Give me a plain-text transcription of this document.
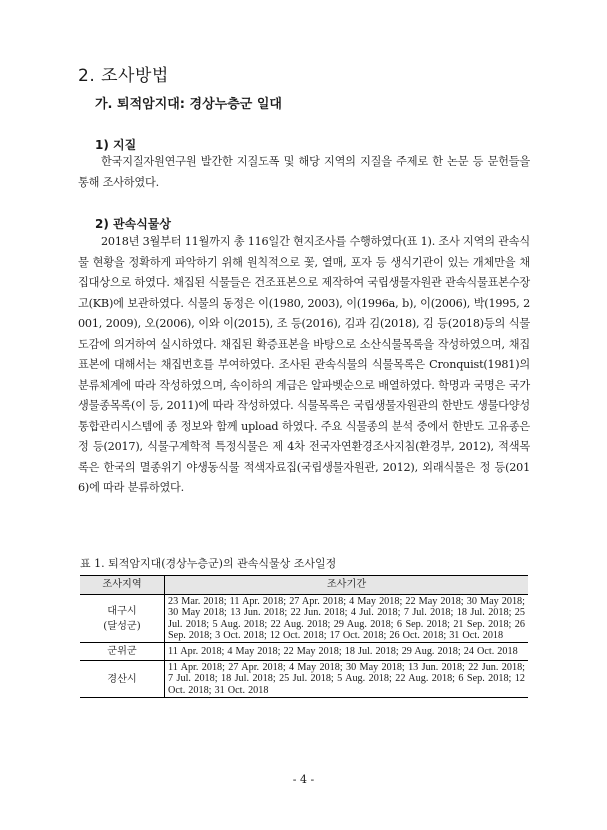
2. 조사방법
가. 퇴적암지대: 경상누층군 일대
1) 지질
한국지질자원연구원 발간한 지질도폭 및 해당 지역의 지질을 주제로 한 논문 등 문헌들을 통해 조사하였다.
2) 관속식물상
2018년 3월부터 11월까지 총 116일간 현지조사를 수행하였다(표 1). 조사 지역의 관속식물 현황을 정확하게 파악하기 위해 원칙적으로 꽃, 열매, 포자 등 생식기관이 있는 개체만을 채집대상으로 하였다. 채집된 식물들은 건조표본으로 제작하여 국립생물자원관 관속식물표본수장고(KB)에 보관하였다. 식물의 동정은 이(1980, 2003), 이(1996a, b), 이(2006), 박(1995, 2001, 2009), 오(2006), 이와 이(2015), 조 등(2016), 김과 김(2018), 김 등(2018)등의 식물도감에 의거하여 실시하였다. 채집된 확증표본을 바탕으로 소산식물목록을 작성하였으며, 채집표본에 대해서는 채집번호를 부여하였다. 조사된 관속식물의 식물목록은 Cronquist(1981)의 분류체계에 따라 작성하였으며, 속이하의 계급은 알파벳순으로 배열하였다. 학명과 국명은 국가생물종목록(이 등, 2011)에 따라 작성하였다. 식물목록은 국립생물자원관의 한반도 생물다양성 통합관리시스템에 종 정보와 함께 upload 하였다. 주요 식물종의 분석 중에서 한반도 고유종은 정 등(2017), 식물구계학적 특정식물은 제 4차 전국자연환경조사지침(환경부, 2012), 적색목록은 한국의 멸종위기 야생동식물 적색자료집(국립생물자원관, 2012), 외래식물은 정 등(2016)에 따라 분류하였다.
표 1. 퇴적암지대(경상누층군)의 관속식물상 조사일정
조사지역	조사기간
대구시
(달성군)	23 Mar. 2018; 11 Apr. 2018; 27 Apr. 2018; 4 May 2018; 22 May 2018; 30 May 2018; 30 May 2018; 13 Jun. 2018; 22 Jun. 2018; 4 Jul. 2018; 7 Jul. 2018; 18 Jul. 2018; 25 Jul. 2018; 5 Aug. 2018; 22 Aug. 2018; 29 Aug. 2018; 6 Sep. 2018; 21 Sep. 2018; 26 Sep. 2018; 3 Oct. 2018; 12 Oct. 2018; 17 Oct. 2018; 26 Oct. 2018; 31 Oct. 2018
군위군	11 Apr. 2018; 4 May 2018; 22 May 2018; 18 Jul. 2018; 29 Aug. 2018; 24 Oct. 2018
경산시	11 Apr. 2018; 27 Apr. 2018; 4 May 2018; 30 May 2018; 13 Jun. 2018; 22 Jun. 2018; 7 Jul. 2018; 18 Jul. 2018; 25 Jul. 2018; 5 Aug. 2018; 22 Aug. 2018; 6 Sep. 2018; 12 Oct. 2018; 31 Oct. 2018
- 4 -
